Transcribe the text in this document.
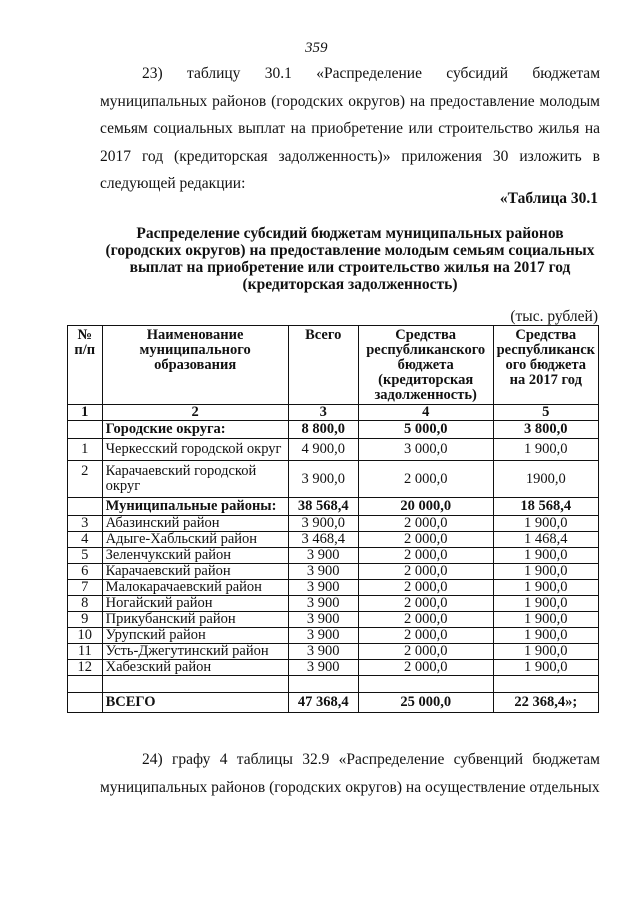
359
23) таблицу 30.1 «Распределение субсидий бюджетам муниципальных районов (городских округов) на предоставление молодым семьям социальных выплат на приобретение или строительство жилья на 2017 год (кредиторская задолженность)» приложения 30 изложить в следующей редакции:
«Таблица 30.1
Распределение субсидий бюджетам муниципальных районов (городских округов) на предоставление молодым семьям социальных выплат на приобретение или строительство жилья на 2017 год (кредиторская задолженность)
(тыс. рублей)
№ п/п	Наименование муниципального образования	Всего	Средства республиканского бюджета (кредиторская задолженность)	Средства республиканск ого бюджета на 2017 год
1	2	3	4	5
	Городские округа:	8 800,0	5 000,0	3 800,0
1	Черкесский городской округ	4 900,0	3 000,0	1 900,0
2	Карачаевский городской округ	3 900,0	2 000,0	1900,0
	Муниципальные районы:	38 568,4	20 000,0	18 568,4
3	Абазинский район	3 900,0	2 000,0	1 900,0
4	Адыге-Хабльский район	3 468,4	2 000,0	1 468,4
5	Зеленчукский район	3 900	2 000,0	1 900,0
6	Карачаевский район	3 900	2 000,0	1 900,0
7	Малокарачаевский район	3 900	2 000,0	1 900,0
8	Ногайский район	3 900	2 000,0	1 900,0
9	Прикубанский район	3 900	2 000,0	1 900,0
10	Урупский район	3 900	2 000,0	1 900,0
11	Усть-Джегутинский район	3 900	2 000,0	1 900,0
12	Хабезский район	3 900	2 000,0	1 900,0

	ВСЕГО	47 368,4	25 000,0	22 368,4»;
24) графу 4 таблицы 32.9 «Распределение субвенций бюджетам муниципальных районов (городских округов) на осуществление отдельных
